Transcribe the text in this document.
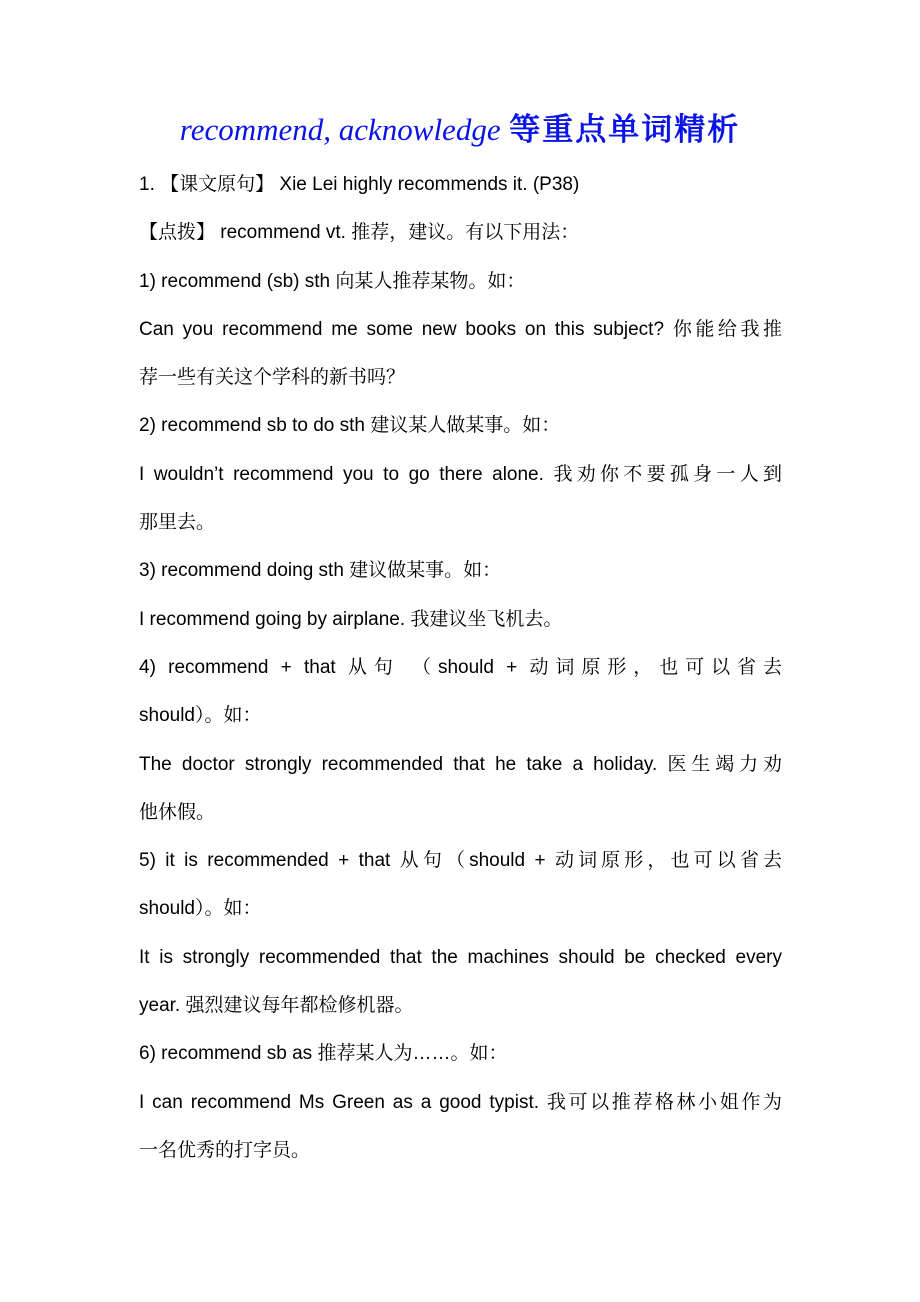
recommend, acknowledge 等重点单词精析
1. 【课文原句】 Xie Lei highly recommends it. (P38)
【点拨】 recommend vt. 推荐，建议。有以下用法：
1) recommend (sb) sth 向某人推荐某物。如：
Can you recommend me some new books on this subject? 你能给我推
荐一些有关这个学科的新书吗？
2) recommend sb to do sth 建议某人做某事。如：
I wouldn’t recommend you to go there alone. 我劝你不要孤身一人到
那里去。
3) recommend doing sth 建议做某事。如：
I recommend going by airplane. 我建议坐飞机去。
4) recommend + that 从句 （should + 动词原形，也可以省去
should）。如：
The doctor strongly recommended that he take a holiday. 医生竭力劝
他休假。
5) it is recommended + that 从句（should + 动词原形，也可以省去
should）。如：
It is strongly recommended that the machines should be checked every
year. 强烈建议每年都检修机器。
6) recommend sb as 推荐某人为……。如：
I can recommend Ms Green as a good typist. 我可以推荐格林小姐作为
一名优秀的打字员。
